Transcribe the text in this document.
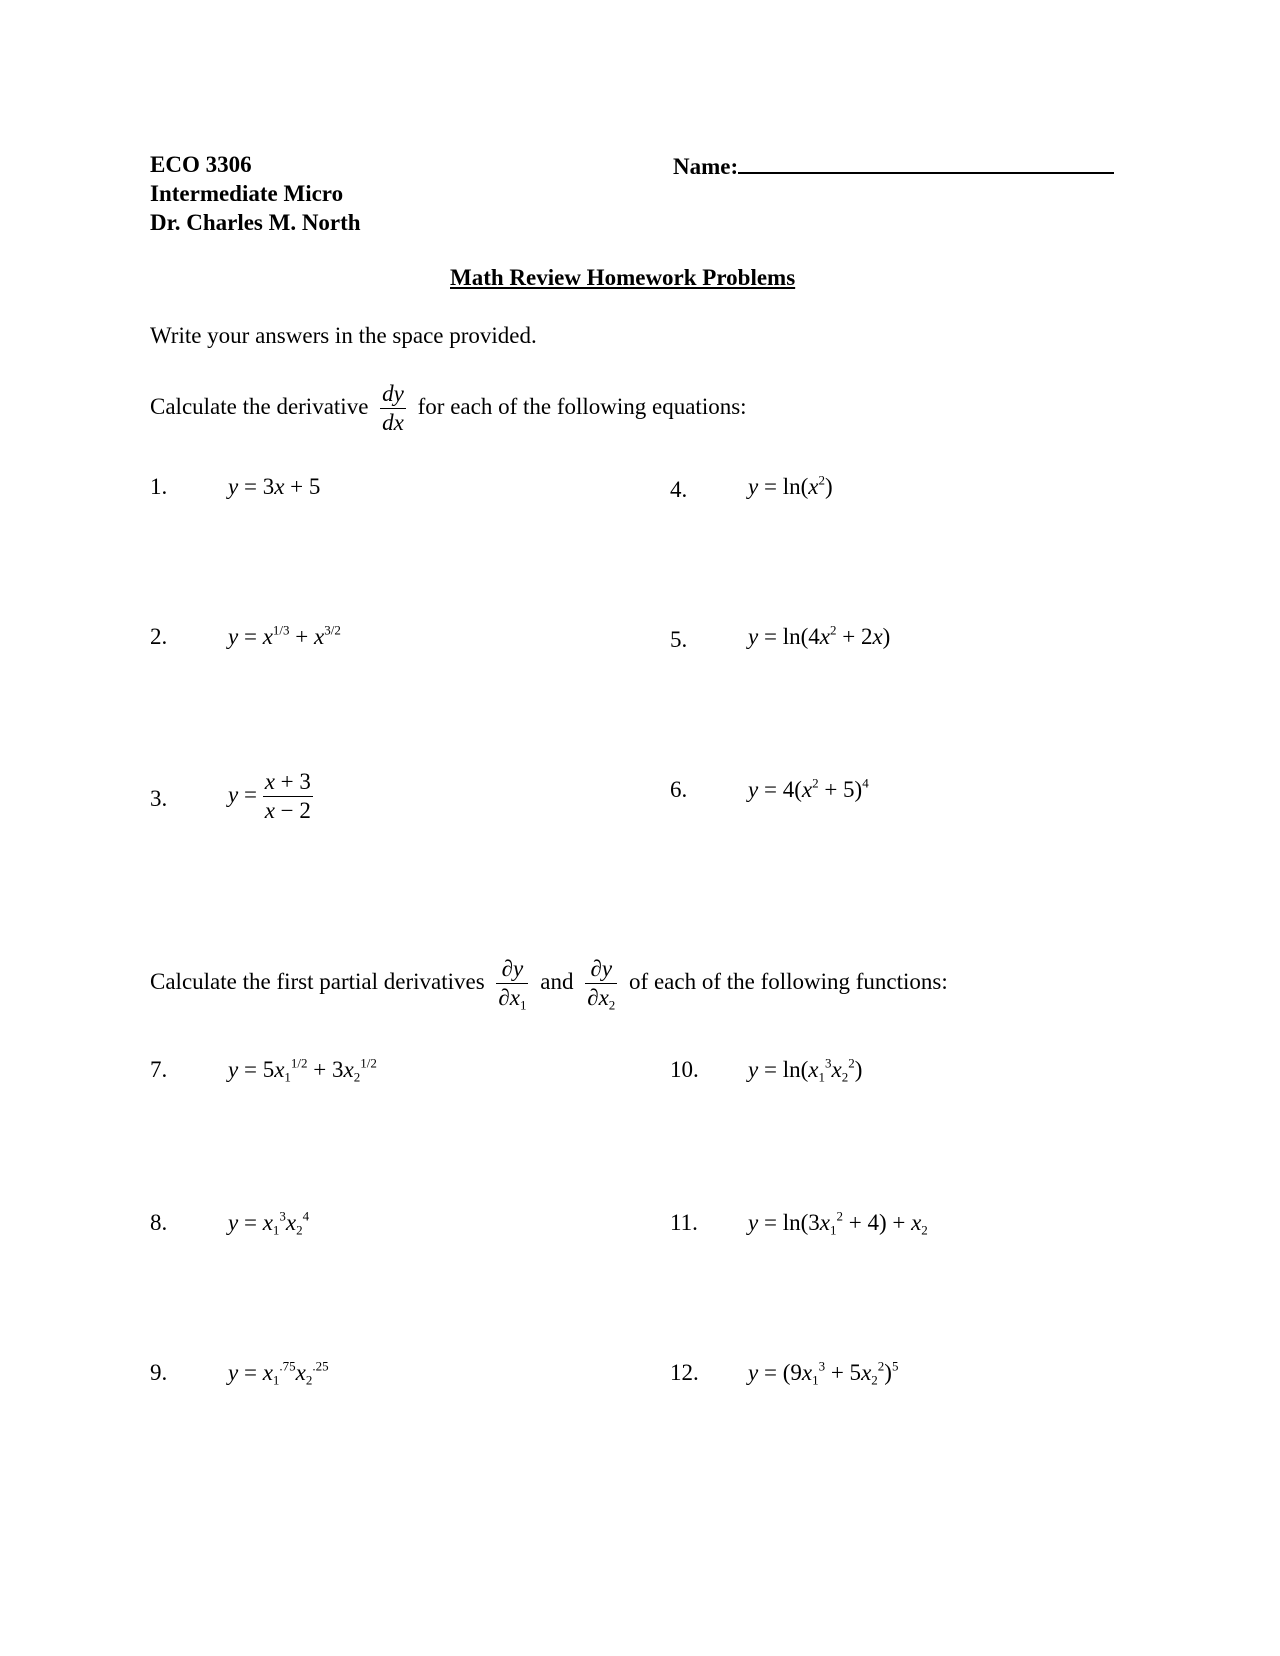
ECO 3306
Intermediate Micro
Dr. Charles M. North
Name:
Math Review Homework Problems
Write your answers in the space provided.
Calculate the derivative $\frac{dy}{dx}$ for each of the following equations:
1.	y = 3x + 5
2.	$y = x^{1/3} + x^{3/2}$
3.	$y = \frac{x + 3}{x - 2}$
4.	$y = \ln(x^2)$
5.	$y = \ln(4x^2 + 2x)$
6.	$y = 4(x^2 + 5)^4$
Calculate the first partial derivatives $\frac{\partial y}{\partial x_1}$ and $\frac{\partial y}{\partial x_2}$ of each of the following functions:
7.	$y = 5x_1^{1/2} + 3x_2^{1/2}$
8.	$y = x_1^3x_2^4$
9.	$y = x_1^{.75}x_2^{.25}$
10. $y = \ln(x_1^3x_2^2)$
11. $y = \ln(3x_1^2 + 4) + x_2$
12. $y = (9x_1^3 + 5x_2^2)^5$
